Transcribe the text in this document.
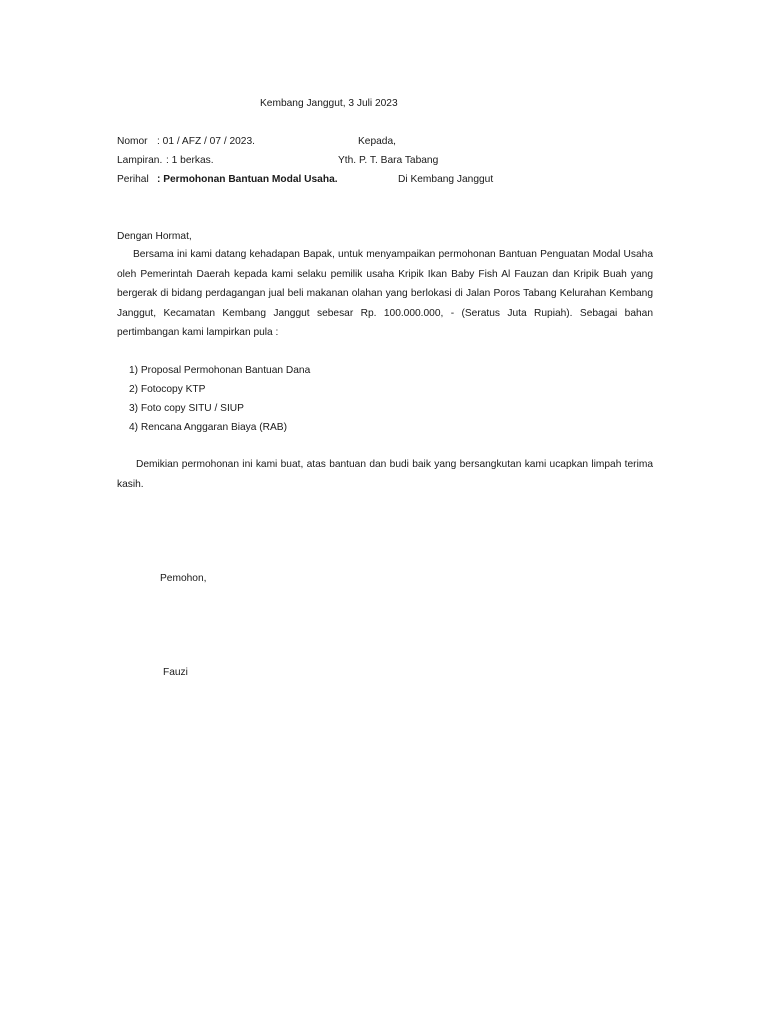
Kembang Janggut, 3 Juli 2023
Nomor : 01 / AFZ / 07 / 2023.
Lampiran. : 1 berkas.
Perihal : Permohonan Bantuan Modal Usaha.
Kepada,
Yth. P. T. Bara Tabang
Di Kembang Janggut
Dengan Hormat,

Bersama ini kami datang kehadapan Bapak, untuk menyampaikan permohonan Bantuan Penguatan Modal Usaha oleh Pemerintah Daerah kepada kami selaku pemilik usaha Kripik Ikan Baby Fish Al Fauzan dan Kripik Buah yang bergerak di bidang perdagangan jual beli makanan olahan yang berlokasi di Jalan Poros Tabang Kelurahan Kembang Janggut, Kecamatan Kembang Janggut sebesar Rp. 100.000.000, - (Seratus Juta Rupiah). Sebagai bahan pertimbangan kami lampirkan pula :

1) Proposal Permohonan Bantuan Dana
2) Fotocopy KTP
3) Foto copy SITU / SIUP
4) Rencana Anggaran Biaya (RAB)

Demikian permohonan ini kami buat, atas bantuan dan budi baik yang bersangkutan kami ucapkan limpah terima kasih.

Pemohon,
Fauzi
